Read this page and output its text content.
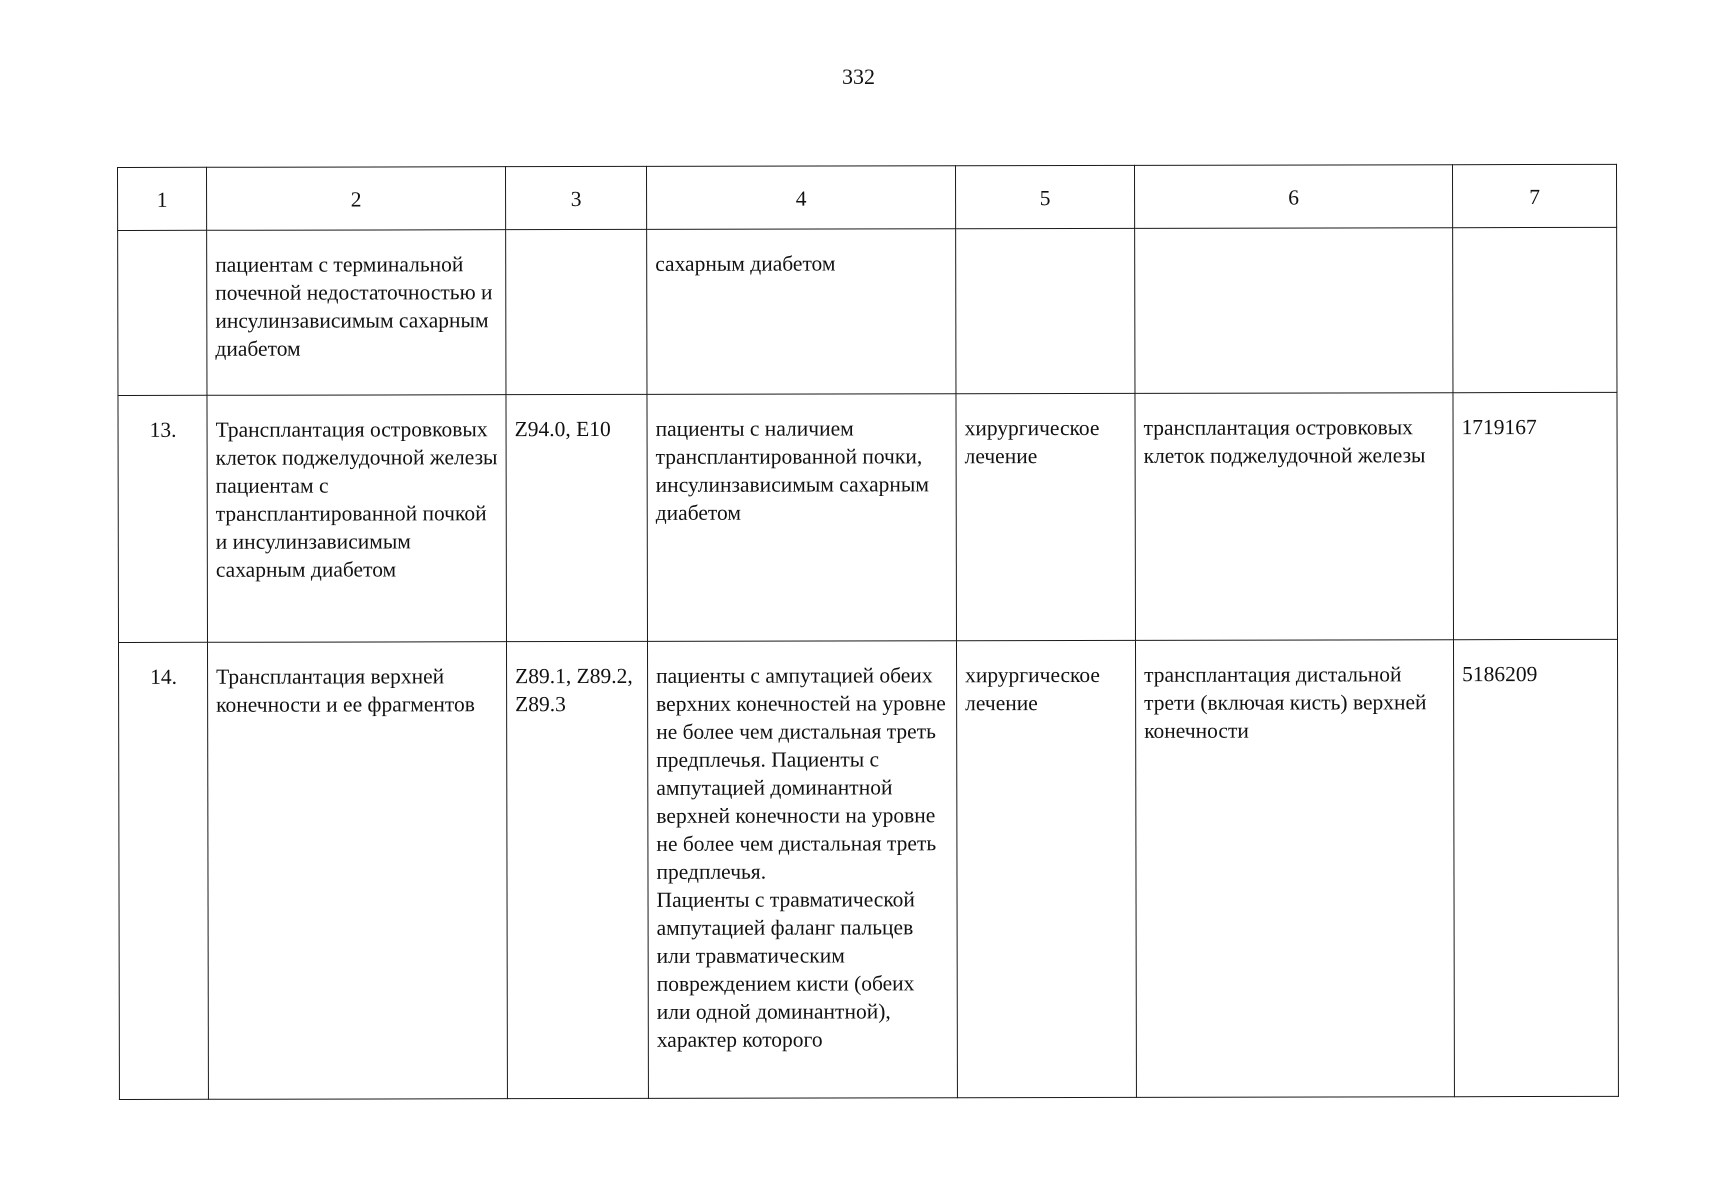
332
1	2	3	4	5	6	7
	пациентам с терминальной почечной недостаточностью и инсулинзависимым сахарным диабетом		сахарным диабетом			
13.	Трансплантация островковых клеток поджелудочной железы пациентам с трансплантированной почкой и инсулинзависимым сахарным диабетом	Z94.0, E10	пациенты с наличием трансплантированной почки, инсулинзависимым сахарным диабетом	хирургическое лечение	трансплантация островковых клеток поджелудочной железы	1719167
14.	Трансплантация верхней конечности и ее фрагментов	Z89.1, Z89.2, Z89.3	пациенты с ампутацией обеих верхних конечностей на уровне не более чем дистальная треть предплечья. Пациенты с ампутацией доминантной верхней конечности на уровне не более чем дистальная треть предплечья.
Пациенты с травматической ампутацией фаланг пальцев или травматическим повреждением кисти (обеих или одной доминантной), характер которого	хирургическое лечение	трансплантация дистальной трети (включая кисть) верхней конечности	5186209
